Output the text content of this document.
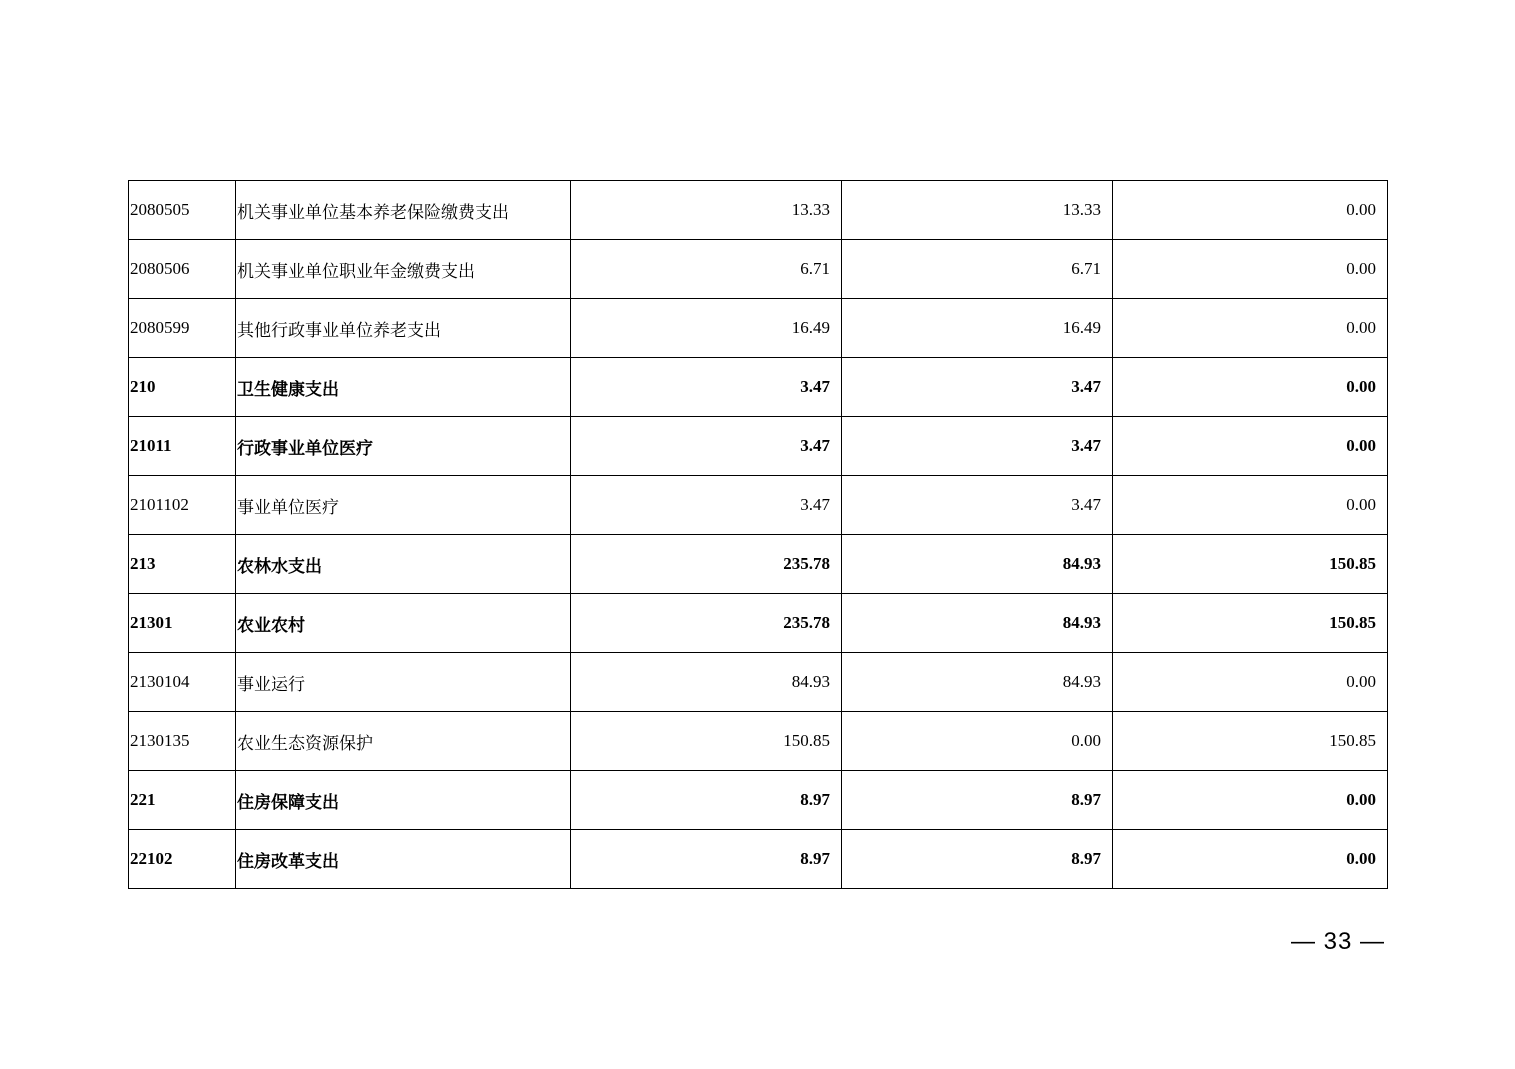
2080505	机关事业单位基本养老保险缴费支出	13.33	13.33	0.00
2080506	机关事业单位职业年金缴费支出	6.71	6.71	0.00
2080599	其他行政事业单位养老支出	16.49	16.49	0.00
210	卫生健康支出	3.47	3.47	0.00
21011	行政事业单位医疗	3.47	3.47	0.00
2101102	事业单位医疗	3.47	3.47	0.00
213	农林水支出	235.78	84.93	150.85
21301	农业农村	235.78	84.93	150.85
2130104	事业运行	84.93	84.93	0.00
2130135	农业生态资源保护	150.85	0.00	150.85
221	住房保障支出	8.97	8.97	0.00
22102	住房改革支出	8.97	8.97	0.00
— 33 —
